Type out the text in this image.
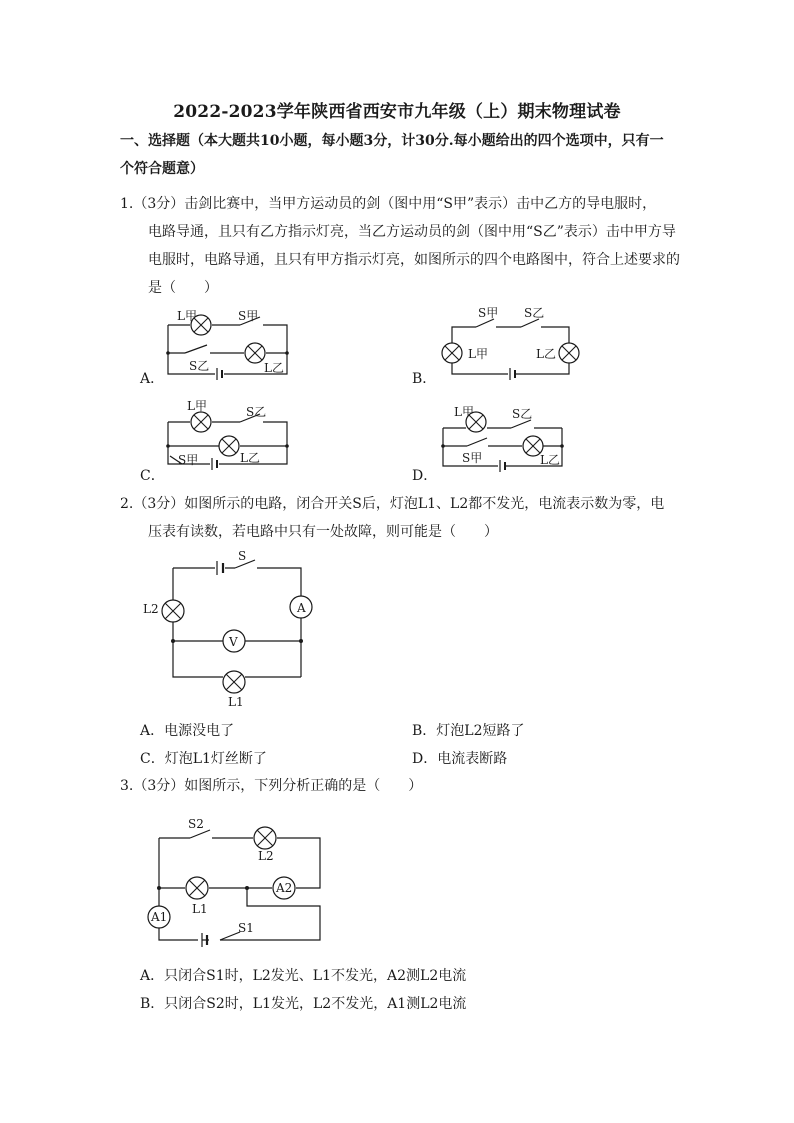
2022-2023学年陕西省西安市九年级（上）期末物理试卷
一、选择题（本大题共10小题，每小题3分，计30分.每小题给出的四个选项中，只有一
个符合题意）
1.（3分）击剑比赛中，当甲方运动员的剑（图中用“S甲”表示）击中乙方的导电服时，
电路导通，且只有乙方指示灯亮，当乙方运动员的剑（图中用“S乙”表示）击中甲方导
电服时，电路导通，且只有甲方指示灯亮，如图所示的四个电路图中，符合上述要求的
是（　　）
A．
L甲	S甲
S乙	L乙
B．
S甲 S乙
L甲	L乙
C．
L甲	S乙
S甲	L乙
D．
L甲	S乙
S甲	L乙
2.（3分）如图所示的电路，闭合开关S后，灯泡L1、L2都不发光，电流表示数为零，电
压表有读数，若电路中只有一处故障，则可能是（　　）
A
V
S
L2
L1
A．电源没电了	B．灯泡L2短路了
C．灯泡L1灯丝断了	D．电流表断路
3.（3分）如图所示，下列分析正确的是（　　）
A2
A1
S2
L2
L1
S1
A．只闭合S1时，L2发光、L1不发光，A2测L2电流
B．只闭合S2时，L1发光，L2不发光，A1测L2电流
